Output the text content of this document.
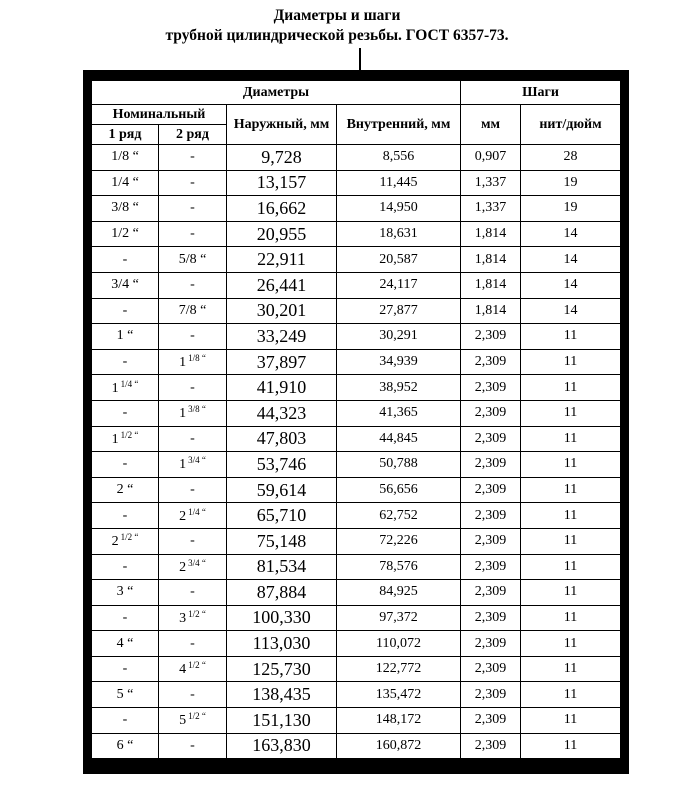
Диаметры и шаги
трубной цилиндрической резьбы. ГОСТ 6357-73.
Диаметры				Шаги	
Номинальный		Наружный, мм	Внутренний, мм	мм	нит/дюйм
1 ряд	2 ряд				
1/8 “	-	9,728	8,556	0,907	28
1/4 “	-	13,157	11,445	1,337	19
3/8 “	-	16,662	14,950	1,337	19
1/2 “	-	20,955	18,631	1,814	14
-	5/8 “	22,911	20,587	1,814	14
3/4 “	-	26,441	24,117	1,814	14
-	7/8 “	30,201	27,877	1,814	14
1 “	-	33,249	30,291	2,309	11
-	1 $^{1/8 “}$	37,897	34,939	2,309	11
1 $^{1/4 “}$	-	41,910	38,952	2,309	11
-	1 $^{3/8 “}$	44,323	41,365	2,309	11
1 $^{1/2 “}$	-	47,803	44,845	2,309	11
-	1 $^{3/4 “}$	53,746	50,788	2,309	11
2 “	-	59,614	56,656	2,309	11
-	2 $^{1/4 “}$	65,710	62,752	2,309	11
2 $^{1/2 “}$	-	75,148	72,226	2,309	11
-	2 $^{3/4 “}$	81,534	78,576	2,309	11
3 “	-	87,884	84,925	2,309	11
-	3 $^{1/2 “}$	100,330	97,372	2,309	11
4 “	-	113,030	110,072	2,309	11
-	4 $^{1/2 “}$	125,730	122,772	2,309	11
5 “	-	138,435	135,472	2,309	11
-	5 $^{1/2 “}$	151,130	148,172	2,309	11
6 “	-	163,830	160,872	2,309	11
